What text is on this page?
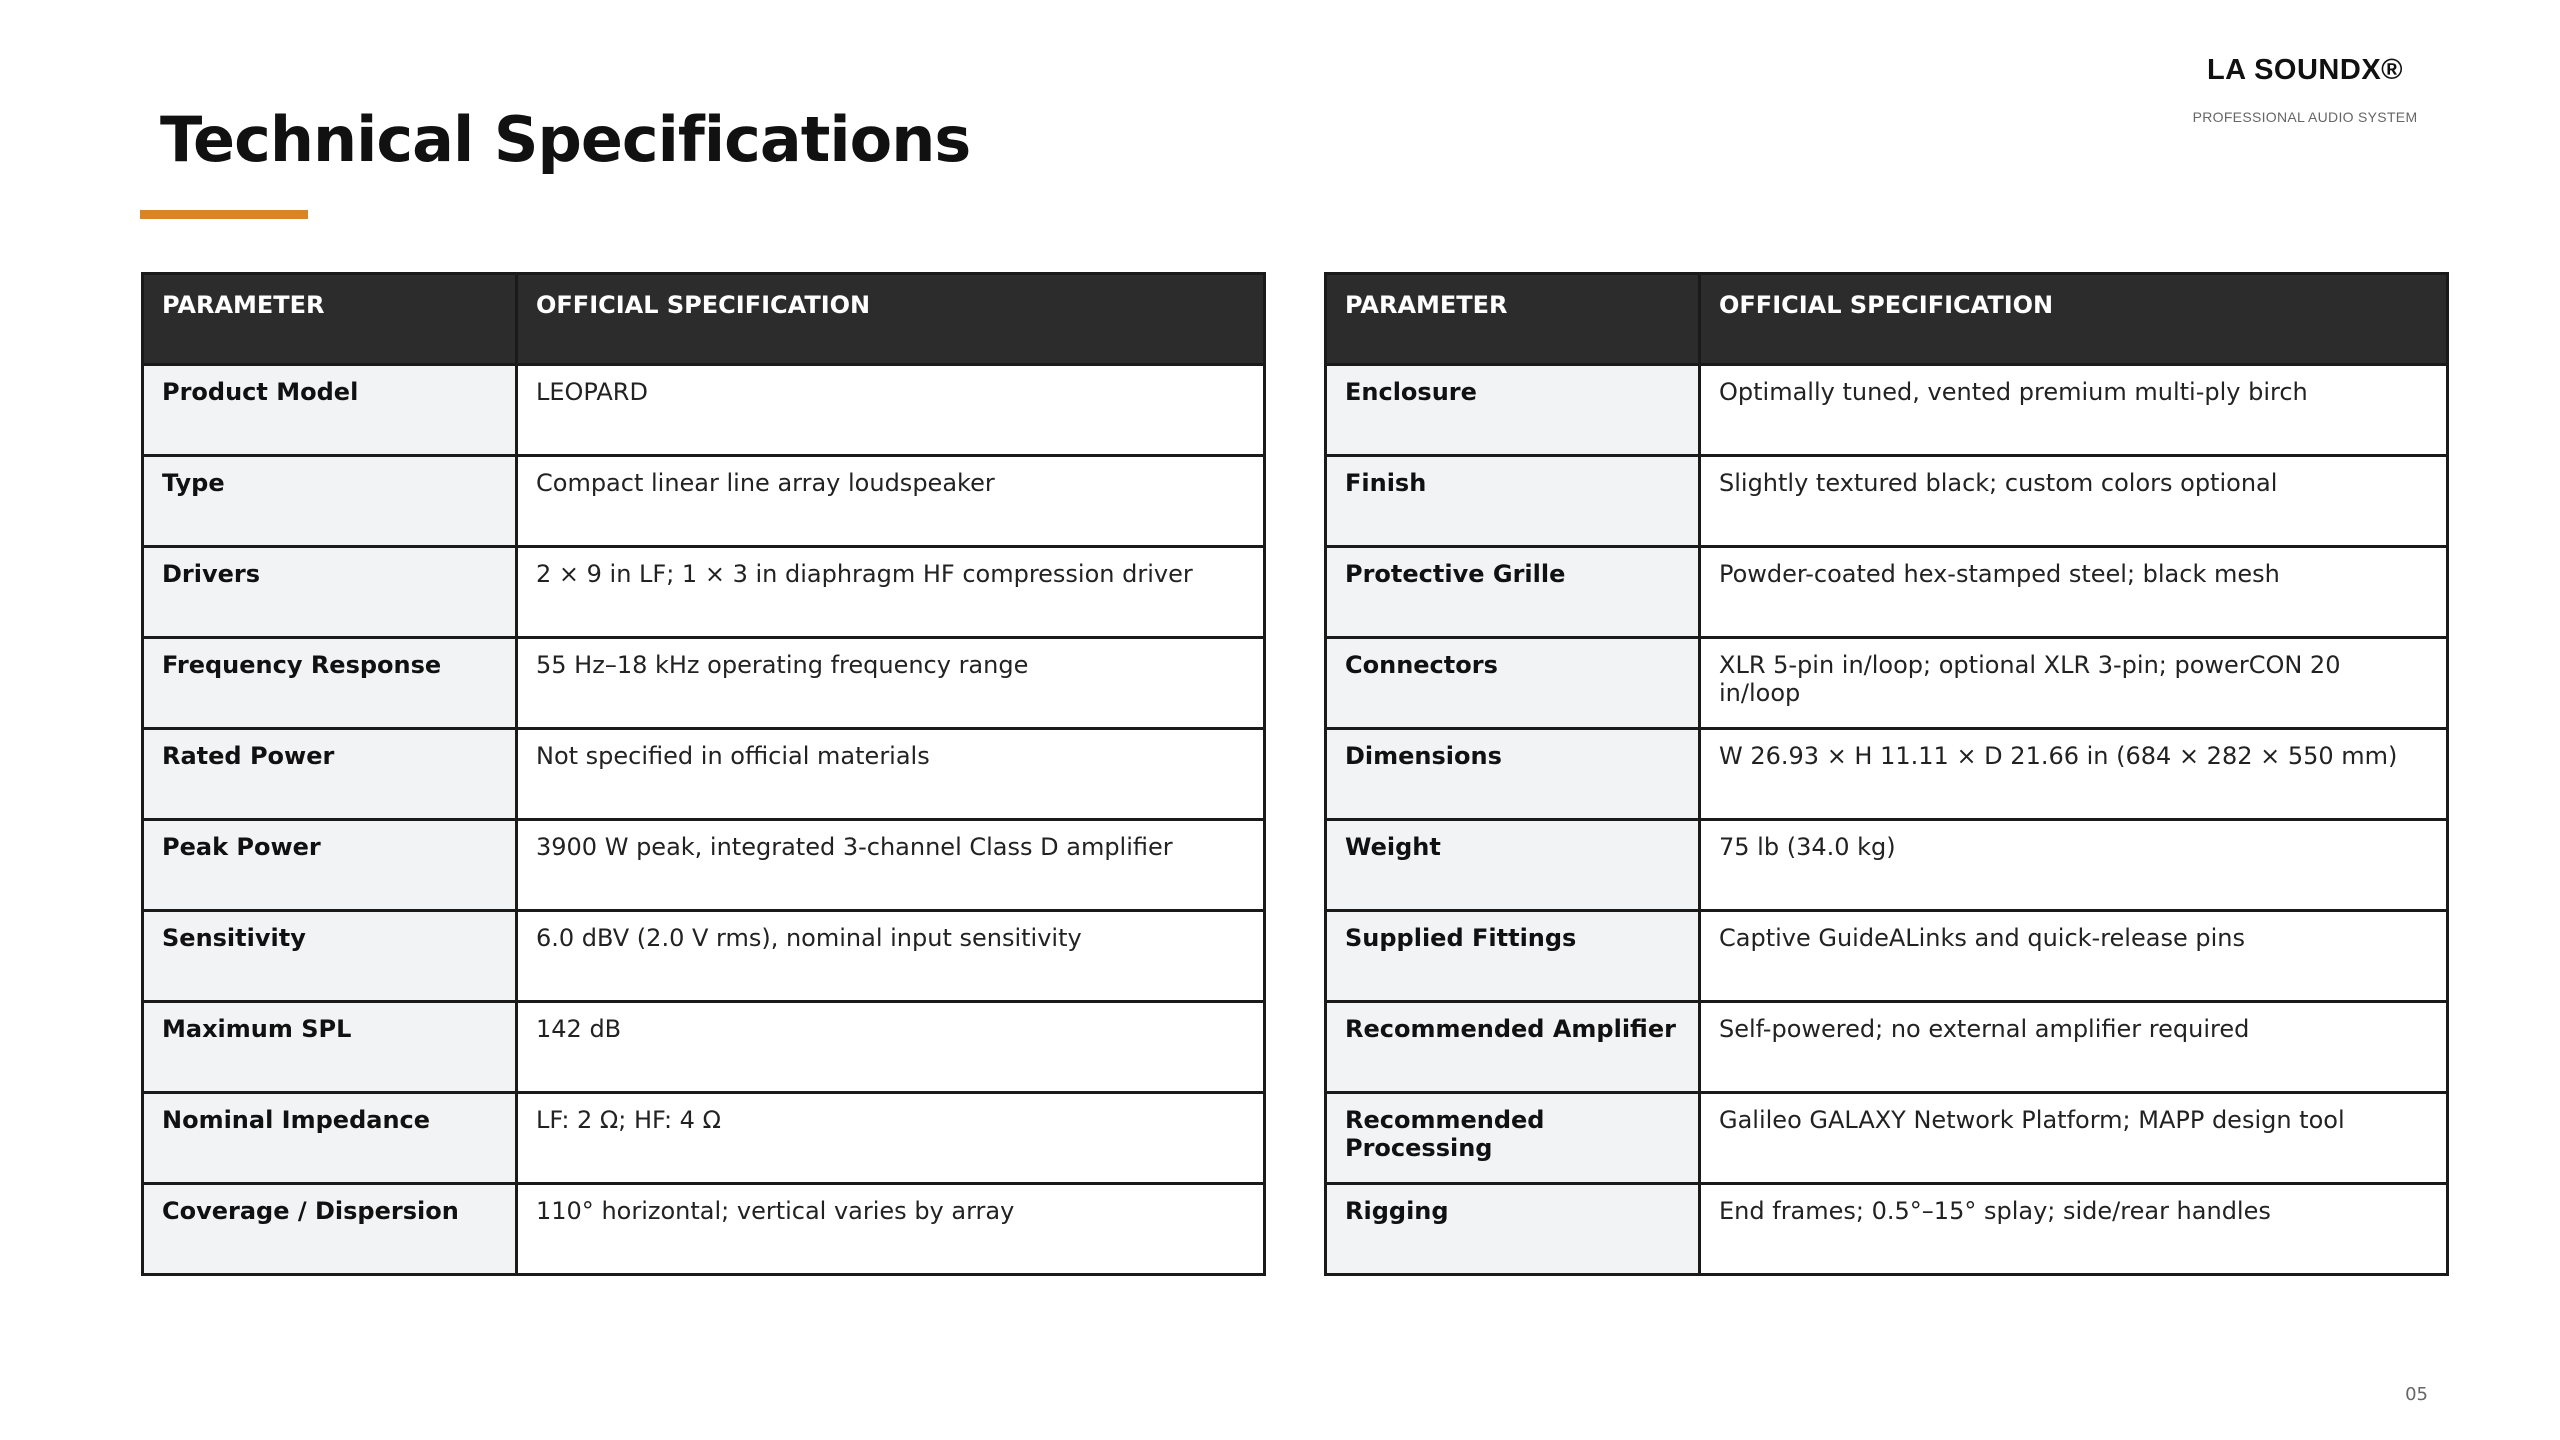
LA SOUNDX®
PROFESSIONAL AUDIO SYSTEM
Technical Specifications
PARAMETER	OFFICIAL SPECIFICATION
Product Model	LEOPARD
Type	Compact linear line array loudspeaker
Drivers	2 × 9 in LF; 1 × 3 in diaphragm HF compression driver
Frequency Response	55 Hz–18 kHz operating frequency range
Rated Power	Not specified in official materials
Peak Power	3900 W peak, integrated 3-channel Class D amplifier
Sensitivity	6.0 dBV (2.0 V rms), nominal input sensitivity
Maximum SPL	142 dB
Nominal Impedance	LF: 2 Ω; HF: 4 Ω
Coverage / Dispersion	110° horizontal; vertical varies by array
PARAMETER	OFFICIAL SPECIFICATION
Enclosure	Optimally tuned, vented premium multi-ply birch
Finish	Slightly textured black; custom colors optional
Protective Grille	Powder-coated hex-stamped steel; black mesh
Connectors	XLR 5-pin in/loop; optional XLR 3-pin; powerCON 20 in/loop
Dimensions	W 26.93 × H 11.11 × D 21.66 in (684 × 282 × 550 mm)
Weight	75 lb (34.0 kg)
Supplied Fittings	Captive GuideALinks and quick-release pins
Recommended Amplifier	Self-powered; no external amplifier required
Recommended Processing	Galileo GALAXY Network Platform; MAPP design tool
Rigging	End frames; 0.5°–15° splay; side/rear handles
05
